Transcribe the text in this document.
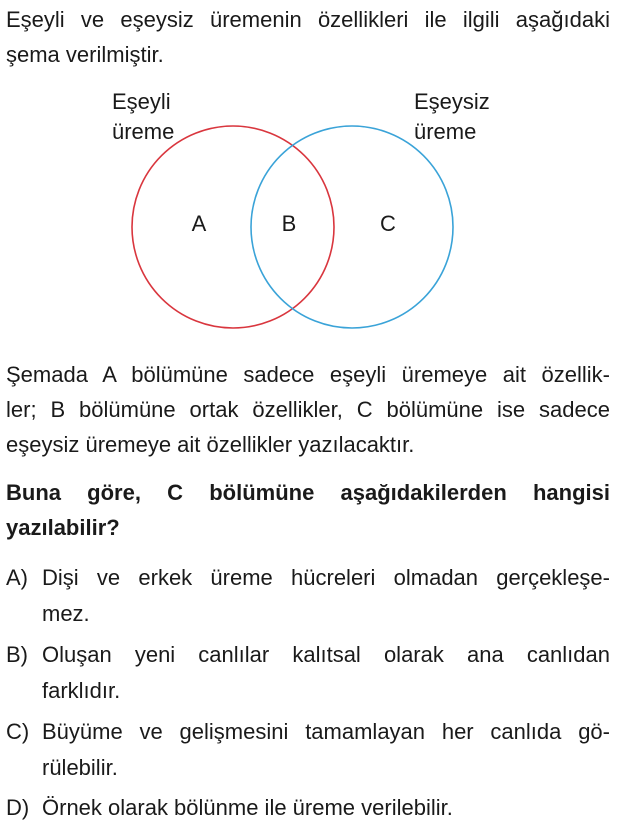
Eşeyli ve eşeysiz üremenin özellikleri ile ilgili aşağıdaki
şema verilmiştir.
Eşeyli
üreme
Eşeysiz
üreme
A	B	C
Şemada A bölümüne sadece eşeyli üremeye ait özellik-
ler; B bölümüne ortak özellikler, C bölümüne ise sadece
eşeysiz üremeye ait özellikler yazılacaktır.
Buna göre, C bölümüne aşağıdakilerden hangisi
yazılabilir?
A) Dişi ve erkek üreme hücreleri olmadan gerçekleşe-
mez.
B) Oluşan yeni canlılar kalıtsal olarak ana canlıdan
farklıdır.
C) Büyüme ve gelişmesini tamamlayan her canlıda gö-
rülebilir.
D) Örnek olarak bölünme ile üreme verilebilir.
